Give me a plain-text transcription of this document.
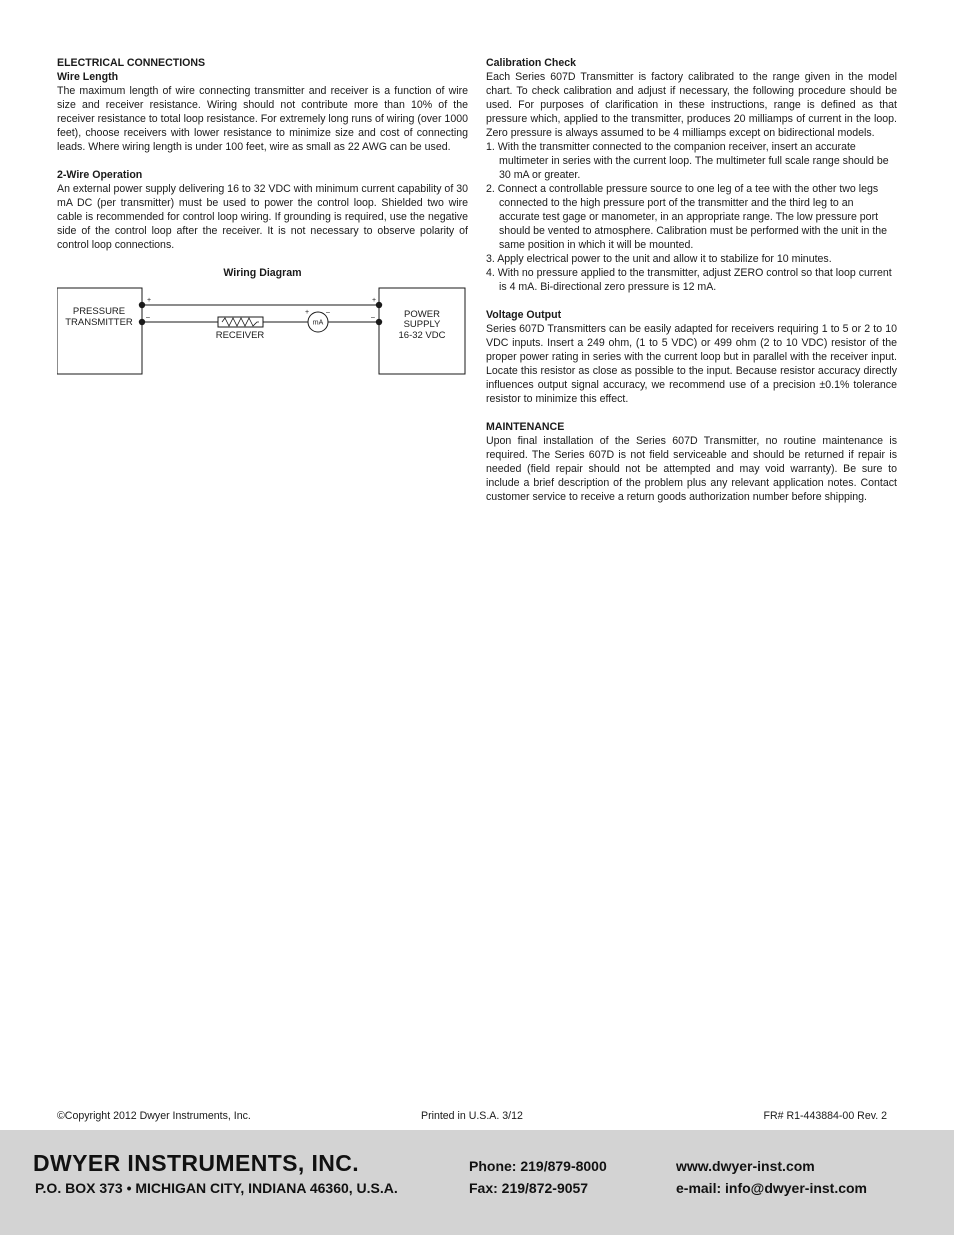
ELECTRICAL CONNECTIONS

Wire Length

The maximum length of wire connecting transmitter and receiver is a function of wire size and receiver resistance. Wiring should not contribute more than 10% of the receiver resistance to total loop resistance. For extremely long runs of wiring (over 1000 feet), choose receivers with lower resistance to minimize size and cost of connecting leads. Where wiring length is under 100 feet, wire as small as 22 AWG can be used.

2-Wire Operation

An external power supply delivering 16 to 32 VDC with minimum current capability of 30 mA DC (per transmitter) must be used to power the control loop. Shielded two wire cable is recommended for control loop wiring. If grounding is required, use the negative side of the control loop after the receiver. It is not necessary to observe polarity of control loop connections.

Wiring Diagram
PRESSURE
TRANSMITTER
POWER
SUPPLY
16-32 VDC
+	+
RECEIVER
mA
+ –
–	–

Calibration Check

Each Series 607D Transmitter is factory calibrated to the range given in the model chart. To check calibration and adjust if necessary, the following procedure should be used. For purposes of clarification in these instructions, range is defined as that pressure which, applied to the transmitter, produces 20 milliamps of current in the loop. Zero pressure is always assumed to be 4 milliamps except on bidirectional models.

1. With the transmitter connected to the companion receiver, insert an accurate multimeter in series with the current loop. The multimeter full scale range should be 30 mA or greater.
2. Connect a controllable pressure source to one leg of a tee with the other two legs connected to the high pressure port of the transmitter and the third leg to an accurate test gage or manometer, in an appropriate range. The low pressure port should be vented to atmosphere. Calibration must be performed with the unit in the same position in which it will be mounted.
3. Apply electrical power to the unit and allow it to stabilize for 10 minutes.
4. With no pressure applied to the transmitter, adjust ZERO control so that loop current is 4 mA. Bi-directional zero pressure is 12 mA.

Voltage Output

Series 607D Transmitters can be easily adapted for receivers requiring 1 to 5 or 2 to 10 VDC inputs. Insert a 249 ohm, (1 to 5 VDC) or 499 ohm (2 to 10 VDC) resistor of the proper power rating in series with the current loop but in parallel with the receiver input. Locate this resistor as close as possible to the input. Because resistor accuracy directly influences output signal accuracy, we recommend use of a precision ±0.1% tolerance resistor to minimize this effect.

MAINTENANCE

Upon final installation of the Series 607D Transmitter, no routine maintenance is required. The Series 607D is not field serviceable and should be returned if repair is needed (field repair should not be attempted and may void warranty). Be sure to include a brief description of the problem plus any relevant application notes. Contact customer service to receive a return goods authorization number before shipping.

©Copyright 2012 Dwyer Instruments, Inc.	Printed in U.S.A. 3/12	FR# R1-443884-00 Rev. 2
DWYER INSTRUMENTS, INC.
P.O. BOX 373 • MICHIGAN CITY, INDIANA 46360, U.S.A.
Phone: 219/879-8000
Fax: 219/872-9057
www.dwyer-inst.com
e-mail: info@dwyer-inst.com
